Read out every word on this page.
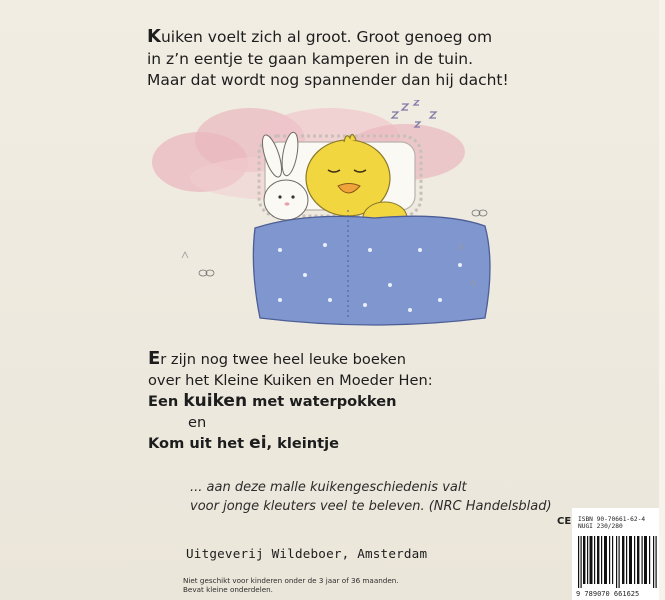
Kuiken voelt zich al groot. Groot genoeg om
in z’n eentje te gaan kamperen in de tuin.
Maar dat wordt nog spannender dan hij dacht!
Er zijn nog twee heel leuke boeken
over het Kleine Kuiken en Moeder Hen:
Een kuiken met waterpokken
en
Kom uit het ei, kleintje
... aan deze malle kuikengeschiedenis valt
voor jonge kleuters veel te beleven. (NRC Handelsblad)
CE
Uitgeverij Wildeboer, Amsterdam
Niet geschikt voor kinderen onder de 3 jaar of 36 maanden.
Bevat kleine onderdelen.
ISBN 90-70661-62-4
NUGI 230/280
9 789070 661625
